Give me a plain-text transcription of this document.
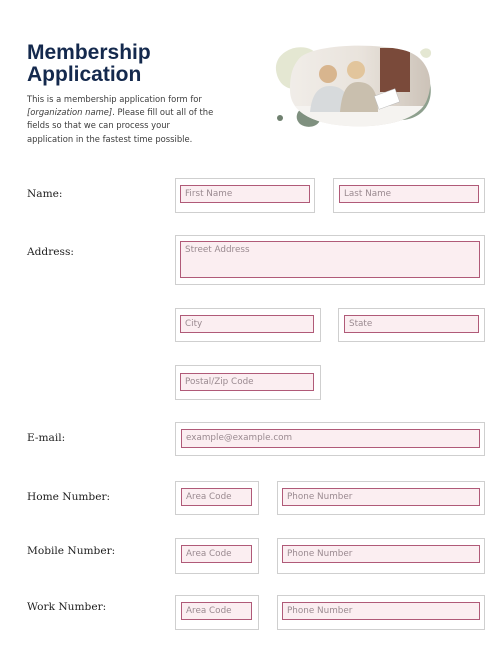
Membership
Application

This is a membership application form for [organization name]. Please fill out all of the fields so that we can process your application in the fastest time possible.

Name:	First Name	Last Name
Address:	Street Address
City	State
Postal/Zip Code
E-mail:	example@example.com
Home Number:	Area Code	Phone Number
Mobile Number:	Area Code	Phone Number
Work Number:	Area Code	Phone Number
